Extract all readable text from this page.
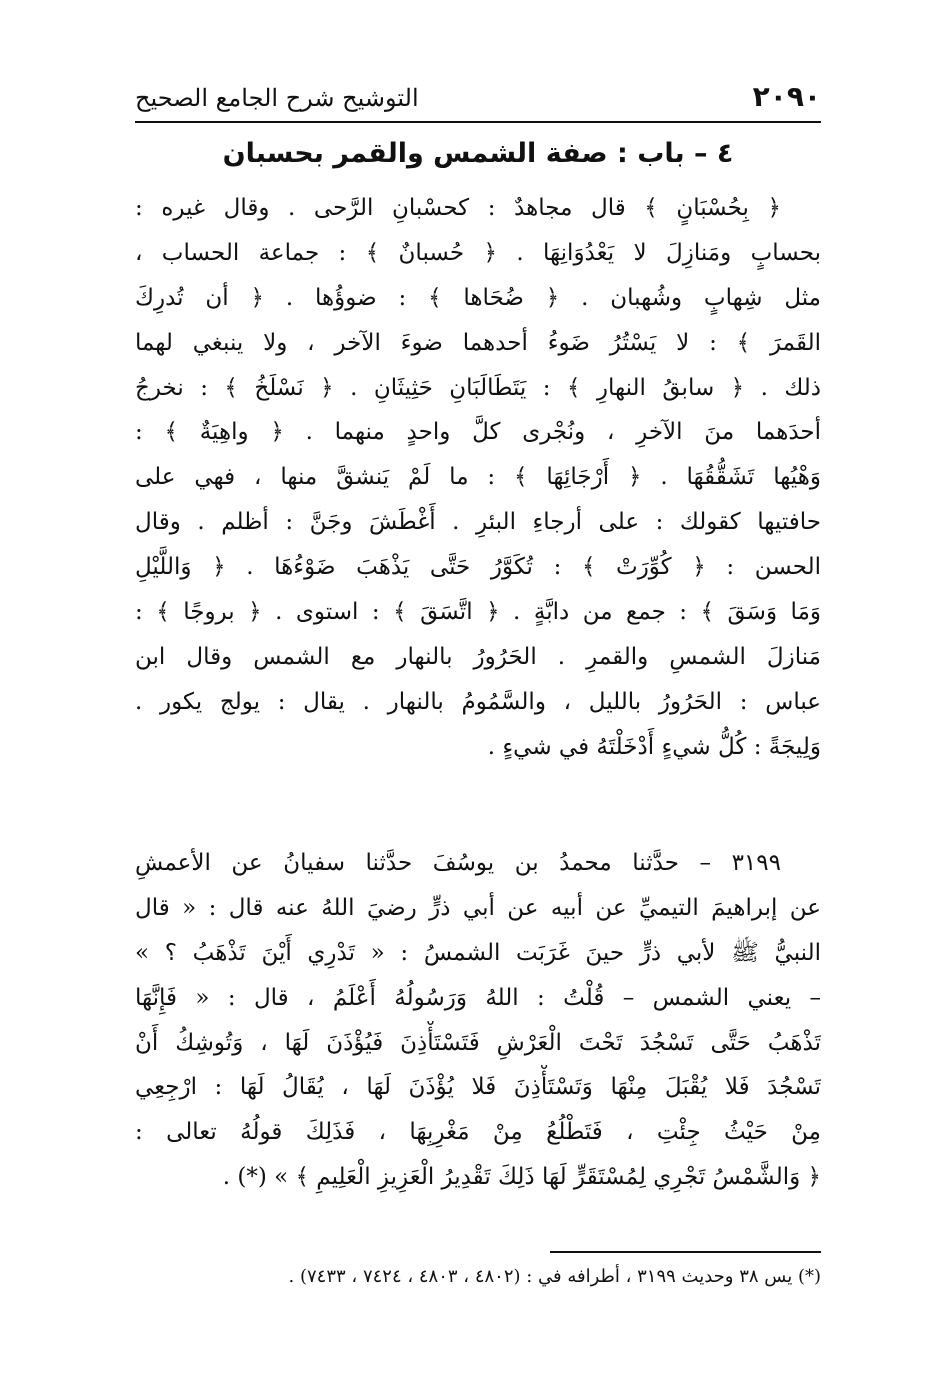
٢٠٩٠
التوشيح شرح الجامع الصحيح
٤ – باب : صفة الشمس والقمر بحسبان
﴿ بِحُسْبَانٍ ﴾ قال مجاهدٌ : كحسْبانِ الرَّحى . وقال غيره :
بحسابٍ ومَنازِلَ لا يَعْدُوَانِهَا . ﴿ حُسبانٌ ﴾ : جماعة الحساب ،
مثل شِهابٍ وشُهبان . ﴿ ضُحَاها ﴾ : ضوؤُها . ﴿ أن تُدرِكَ
القَمرَ ﴾ : لا يَسْتُرُ ضَوءُ أحدهما ضوءَ الآخر ، ولا ينبغي لهما
ذلك . ﴿ سابقُ النهارِ ﴾ : يَتَطَالَبَانِ حَثِيثَانِ . ﴿ نَسْلَخُ ﴾ : نخرجُ
أحدَهما منَ الآخرِ ، ونُجْرى كلَّ واحدٍ منهما . ﴿ واهِيَةٌ ﴾ :
وَهْيُها تَشَقُّقُهَا . ﴿ أَرْجَائِهَا ﴾ : ما لَمْ يَنشقَّ منها ، فهي على
حافتيها كقولك : على أرجاءِ البئرِ . أَغْطَشَ وجَنَّ : أظلم . وقال
الحسن : ﴿ كُوِّرَتْ ﴾ : تُكَوَّرُ حَتَّى يَذْهَبَ ضَوْءُهَا . ﴿ وَاللَّيْلِ
وَمَا وَسَقَ ﴾ : جمع من دابَّةٍ . ﴿ اتَّسَقَ ﴾ : استوى . ﴿ بروجًا ﴾ :
مَنازلَ الشمسِ والقمرِ . الحَرُورُ بالنهار مع الشمس وقال ابن
عباس : الحَرُورُ بالليل ، والسَّمُومُ بالنهار . يقال : يولج يكور .
وَلِيجَةً : كُلُّ شيءٍ أَدْخَلْتَهُ في شيءٍ .
٣١٩٩ – حدَّثنا محمدُ بن يوسُفَ حدَّثنا سفيانُ عن الأعمشِ
عن إبراهيمَ التيميِّ عن أبيه عن أبي ذرٍّ رضيَ اللهُ عنه قال : « قال
النبيُّ ﷺ لأبي ذرٍّ حينَ غَرَبَت الشمسُ : « تَدْرِي أَيْنَ تَذْهَبُ ؟ »
– يعني الشمس – قُلْتُ : اللهُ وَرَسُولُهُ أَعْلَمُ ، قال : « فَإِنَّهَا
تَذْهَبُ حَتَّى تَسْجُدَ تَحْتَ الْعَرْشِ فَتَسْتَأْذِنَ فَيُؤْذَنَ لَهَا ، وَتُوشِكُ أَنْ
تَسْجُدَ فَلا يُقْبَلَ مِنْهَا وَتَسْتَأْذِنَ فَلا يُؤْذَنَ لَهَا ، يُقَالُ لَهَا : ارْجِعِي
مِنْ حَيْثُ جِئْتِ ، فَتَطْلُعُ مِنْ مَغْرِبِهَا ، فَذَلِكَ قولُهُ تعالى :
﴿ وَالشَّمْسُ تَجْرِي لِمُسْتَقَرٍّ لَهَا ذَلِكَ تَقْدِيرُ الْعَزِيزِ الْعَلِيمِ ﴾ » (*) .
(*) يس ٣٨ وحديث ٣١٩٩ ، أطرافه في : (٤٨٠٢ ، ٤٨٠٣ ، ٧٤٢٤ ، ٧٤٣٣) .
